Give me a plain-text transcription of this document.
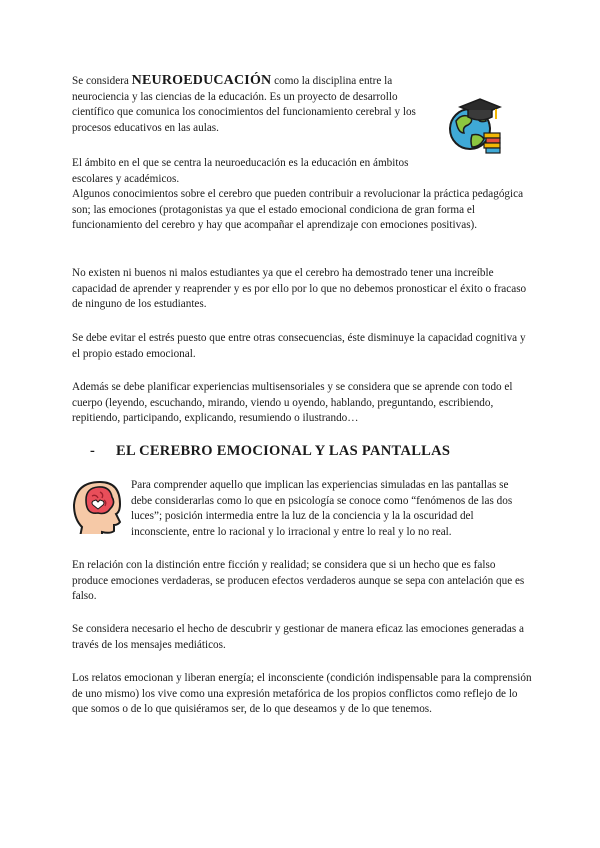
Se considera NEUROEDUCACIÓN como la disciplina entre la neurociencia y las ciencias de la educación. Es un proyecto de desarrollo científico que comunica los conocimientos del funcionamiento cerebral y los procesos educativos en las aulas.

El ámbito en el que se centra la neuroeducación es la educación en ámbitos escolares y académicos.

Algunos conocimientos sobre el cerebro que pueden contribuir a revolucionar la práctica pedagógica son; las emociones (protagonistas ya que el estado emocional condiciona de gran forma el funcionamiento del cerebro y hay que acompañar el aprendizaje con emociones positivas).

No existen ni buenos ni malos estudiantes ya que el cerebro ha demostrado tener una increíble capacidad de aprender y reaprender y es por ello por lo que no debemos pronosticar el éxito o fracaso de ninguno de los estudiantes.

Se debe evitar el estrés puesto que entre otras consecuencias, éste disminuye la capacidad cognitiva y el propio estado emocional.

Además se debe planificar experiencias multisensoriales y se considera que se aprende con todo el cuerpo (leyendo, escuchando, mirando, viendo u oyendo, hablando, preguntando, escribiendo, repitiendo, participando, explicando, resumiendo o ilustrando…

- EL CEREBRO EMOCIONAL Y LAS PANTALLAS

Para comprender aquello que implican las experiencias simuladas en las pantallas se debe considerarlas como lo que en psicología se conoce como “fenómenos de las dos luces”; posición intermedia entre la luz de la conciencia y la la oscuridad del inconsciente, entre lo racional y lo irracional y entre lo real y lo no real.

En relación con la distinción entre ficción y realidad; se considera que si un hecho que es falso produce emociones verdaderas, se producen efectos verdaderos aunque se sepa con antelación que es falso.

Se considera necesario el hecho de descubrir y gestionar de manera eficaz las emociones generadas a través de los mensajes mediáticos.

Los relatos emocionan y liberan energía; el inconsciente (condición indispensable para la comprensión de uno mismo) los vive como una expresión metafórica de los propios conflictos como reflejo de lo que somos o de lo que quisiéramos ser, de lo que deseamos y de lo que tenemos.
